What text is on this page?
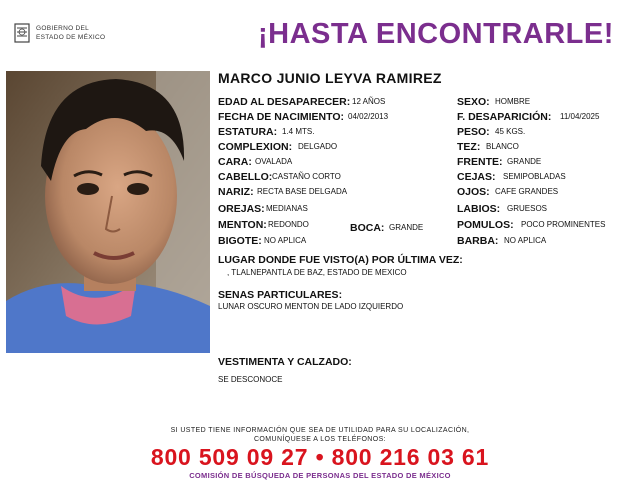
GOBIERNO DEL
ESTADO DE MÉXICO	¡HASTA ENCONTRARLE!
MARCO JUNIO LEYVA RAMIREZ
EDAD AL DESAPARECER: 12 AÑOS
FECHA DE NACIMIENTO: 04/02/2013
ESTATURA: 1.4 MTS.
COMPLEXION: DELGADO
CARA: OVALADA
CABELLO: CASTAÑO CORTO
NARIZ: RECTA BASE DELGADA
OREJAS: MEDIANAS
MENTON: REDONDO
BIGOTE: NO APLICA
BOCA: GRANDE
SEXO: HOMBRE
F. DESAPARICIÓN: 11/04/2025
PESO: 45 KGS.
TEZ: BLANCO
FRENTE: GRANDE
CEJAS: SEMIPOBLADAS
OJOS: CAFE GRANDES
LABIOS: GRUESOS
POMULOS: POCO PROMINENTES
BARBA: NO APLICA
LUGAR DONDE FUE VISTO(A) POR ÚLTIMA VEZ:
, TLALNEPANTLA DE BAZ, ESTADO DE MEXICO
SENAS PARTICULARES:
LUNAR OSCURO MENTON DE LADO IZQUIERDO
VESTIMENTA Y CALZADO:
SE DESCONOCE
SI USTED TIENE INFORMACIÓN QUE SEA DE UTILIDAD PARA SU LOCALIZACIÓN,
COMUNÍQUESE A LOS TELÉFONOS:
800 509 09 27 • 800 216 03 61
COMISIÓN DE BÚSQUEDA DE PERSONAS DEL ESTADO DE MÉXICO
